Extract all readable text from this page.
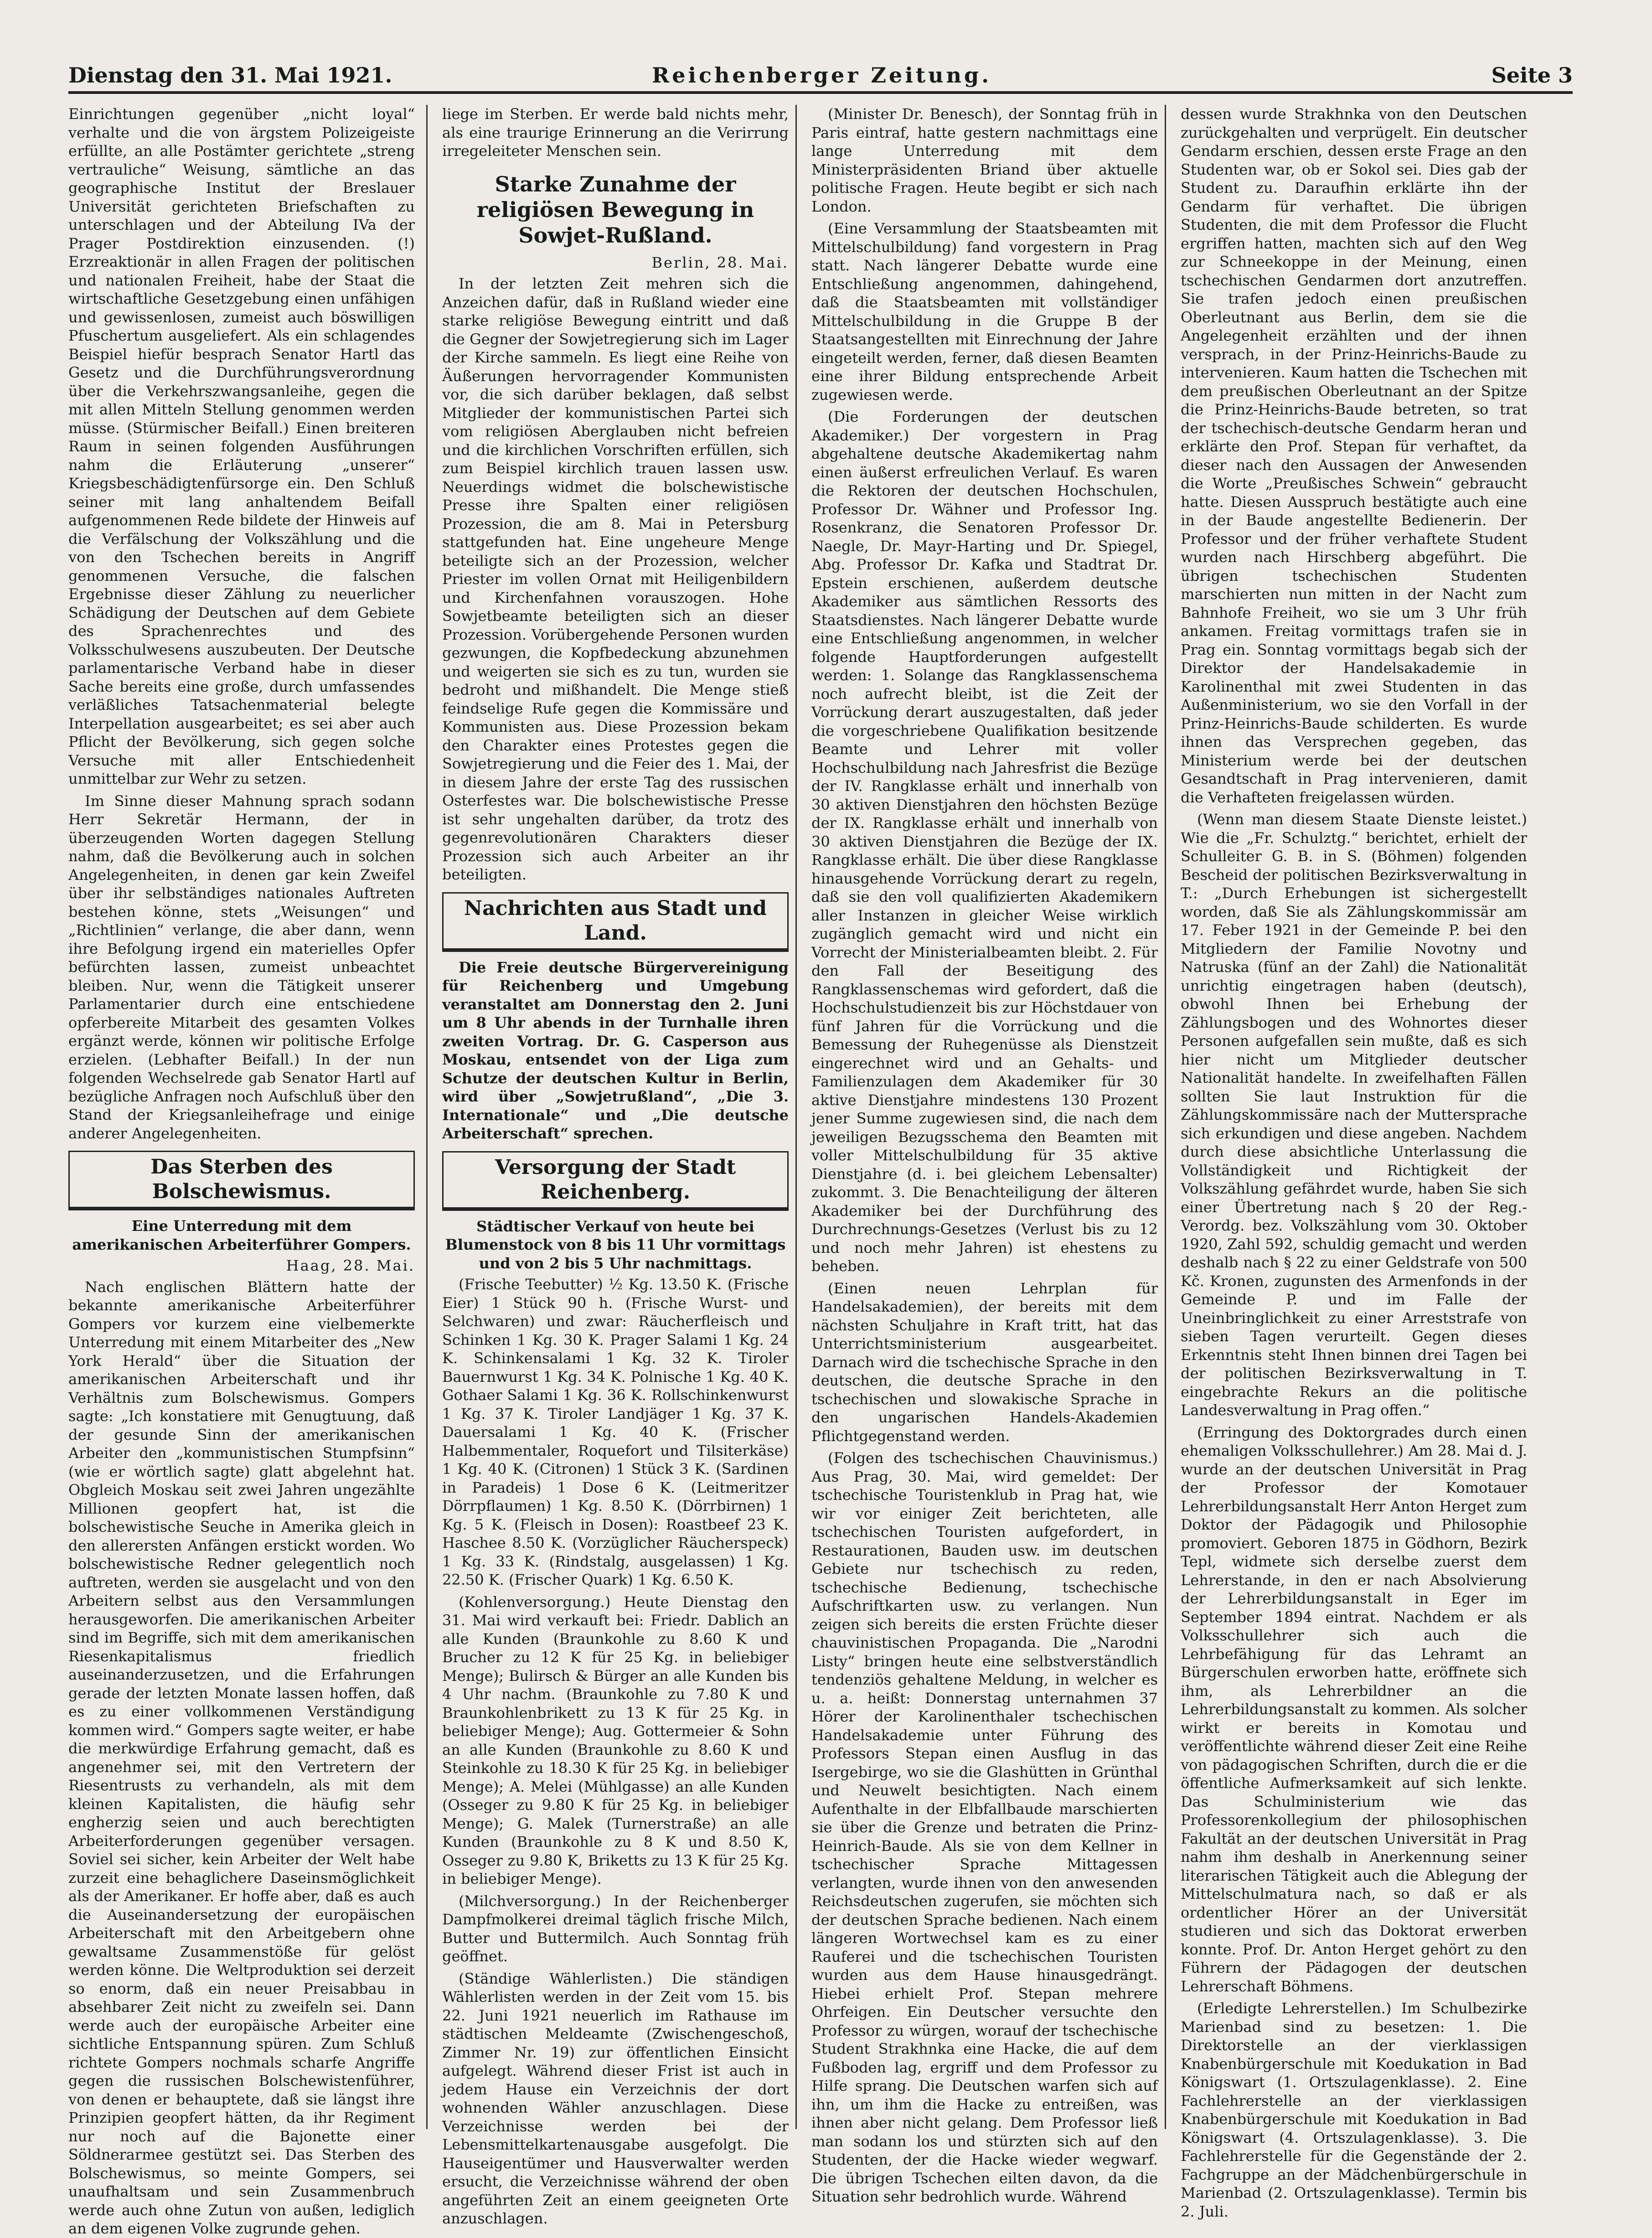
Dienstag den 31. Mai 1921.	Reichenberger Zeitung.	Seite 3

Einrichtungen gegenüber „nicht loyal“ verhalte und die von ärgstem Polizeigeiste erfüllte, an alle Postämter gerichtete „streng vertrauliche“ Weisung, sämtliche an das geographische Institut der Breslauer Universität gerichteten Briefschaften zu unterschlagen und der Abteilung IVa der Prager Postdirektion einzusenden. (!) Erzreaktionär in allen Fragen der politischen und nationalen Freiheit, habe der Staat die wirtschaftliche Gesetzgebung einen unfähigen und gewissenlosen, zumeist auch böswilligen Pfuschertum ausgeliefert. Als ein schlagendes Beispiel hiefür besprach Senator Hartl das Gesetz und die Durchführungsverordnung über die Verkehrszwangsanleihe, gegen die mit allen Mitteln Stellung genommen werden müsse. (Stürmischer Beifall.) Einen breiteren Raum in seinen folgenden Ausführungen nahm die Erläuterung „unserer“ Kriegsbeschädigtenfürsorge ein. Den Schluß seiner mit lang anhaltendem Beifall aufgenommenen Rede bildete der Hinweis auf die Verfälschung der Volkszählung und die von den Tschechen bereits in Angriff genommenen Versuche, die falschen Ergebnisse dieser Zählung zu neuerlicher Schädigung der Deutschen auf dem Gebiete des Sprachenrechtes und des Volksschulwesens auszubeuten. Der Deutsche parlamentarische Verband habe in dieser Sache bereits eine große, durch umfassendes verläßliches Tatsachenmaterial belegte Interpellation ausgearbeitet; es sei aber auch Pflicht der Bevölkerung, sich gegen solche Versuche mit aller Entschiedenheit unmittelbar zur Wehr zu setzen.

Im Sinne dieser Mahnung sprach sodann Herr Sekretär Hermann, der in überzeugenden Worten dagegen Stellung nahm, daß die Bevölkerung auch in solchen Angelegenheiten, in denen gar kein Zweifel über ihr selbständiges nationales Auftreten bestehen könne, stets „Weisungen“ und „Richtlinien“ verlange, die aber dann, wenn ihre Befolgung irgend ein materielles Opfer befürchten lassen, zumeist unbeachtet bleiben. Nur, wenn die Tätigkeit unserer Parlamentarier durch eine entschiedene opferbereite Mitarbeit des gesamten Volkes ergänzt werde, können wir politische Erfolge erzielen. (Lebhafter Beifall.) In der nun folgenden Wechselrede gab Senator Hartl auf bezügliche Anfragen noch Aufschluß über den Stand der Kriegsanleihefrage und einige anderer Angelegenheiten.

Das Sterben des Bolschewismus.
Eine Unterredung mit dem amerikanischen Arbeiterführer Gompers.
Haag, 28. Mai.

Nach englischen Blättern hatte der bekannte amerikanische Arbeiterführer Gompers vor kurzem eine vielbemerkte Unterredung mit einem Mitarbeiter des „New York Herald“ über die Situation der amerikanischen Arbeiterschaft und ihr Verhältnis zum Bolschewismus. Gompers sagte: „Ich konstatiere mit Genugtuung, daß der gesunde Sinn der amerikanischen Arbeiter den „kommunistischen Stumpfsinn“ (wie er wörtlich sagte) glatt abgelehnt hat. Obgleich Moskau seit zwei Jahren ungezählte Millionen geopfert hat, ist die bolschewistische Seuche in Amerika gleich in den allerersten Anfängen erstickt worden. Wo bolschewistische Redner gelegentlich noch auftreten, werden sie ausgelacht und von den Arbeitern selbst aus den Versammlungen herausgeworfen. Die amerikanischen Arbeiter sind im Begriffe, sich mit dem amerikanischen Riesenkapitalismus friedlich auseinanderzusetzen, und die Erfahrungen gerade der letzten Monate lassen hoffen, daß es zu einer vollkommenen Verständigung kommen wird.“ Gompers sagte weiter, er habe die merkwürdige Erfahrung gemacht, daß es angenehmer sei, mit den Vertretern der Riesentrusts zu verhandeln, als mit dem kleinen Kapitalisten, die häufig sehr engherzig seien und auch berechtigten Arbeiterforderungen gegenüber versagen. Soviel sei sicher, kein Arbeiter der Welt habe zurzeit eine behaglichere Daseinsmöglichkeit als der Amerikaner. Er hoffe aber, daß es auch die Auseinandersetzung der europäischen Arbeiterschaft mit den Arbeitgebern ohne gewaltsame Zusammenstöße für gelöst werden könne. Die Weltproduktion sei derzeit so enorm, daß ein neuer Preisabbau in absehbarer Zeit nicht zu zweifeln sei. Dann werde auch der europäische Arbeiter eine sichtliche Entspannung spüren. Zum Schluß richtete Gompers nochmals scharfe Angriffe gegen die russischen Bolschewistenführer, von denen er behauptete, daß sie längst ihre Prinzipien geopfert hätten, da ihr Regiment nur noch auf die Bajonette einer Söldnerarmee gestützt sei. Das Sterben des Bolschewismus, so meinte Gompers, sei unaufhaltsam und sein Zusammenbruch werde auch ohne Zutun von außen, lediglich an dem eigenen Volke zugrunde gehen.

liege im Sterben. Er werde bald nichts mehr, als eine traurige Erinnerung an die Verirrung irregeleiteter Menschen sein.

Starke Zunahme der religiösen Bewegung in Sowjet-Rußland.
Berlin, 28. Mai.

In der letzten Zeit mehren sich die Anzeichen dafür, daß in Rußland wieder eine starke religiöse Bewegung eintritt und daß die Gegner der Sowjetregierung sich im Lager der Kirche sammeln. Es liegt eine Reihe von Äußerungen hervorragender Kommunisten vor, die sich darüber beklagen, daß selbst Mitglieder der kommunistischen Partei sich vom religiösen Aberglauben nicht befreien und die kirchlichen Vorschriften erfüllen, sich zum Beispiel kirchlich trauen lassen usw. Neuerdings widmet die bolschewistische Presse ihre Spalten einer religiösen Prozession, die am 8. Mai in Petersburg stattgefunden hat. Eine ungeheure Menge beteiligte sich an der Prozession, welcher Priester im vollen Ornat mit Heiligenbildern und Kirchenfahnen vorauszogen. Hohe Sowjetbeamte beteiligten sich an dieser Prozession. Vorübergehende Personen wurden gezwungen, die Kopfbedeckung abzunehmen und weigerten sie sich es zu tun, wurden sie bedroht und mißhandelt. Die Menge stieß feindselige Rufe gegen die Kommissäre und Kommunisten aus. Diese Prozession bekam den Charakter eines Protestes gegen die Sowjetregierung und die Feier des 1. Mai, der in diesem Jahre der erste Tag des russischen Osterfestes war. Die bolschewistische Presse ist sehr ungehalten darüber, da trotz des gegenrevolutionären Charakters dieser Prozession sich auch Arbeiter an ihr beteiligten.

Nachrichten aus Stadt und Land.

Die Freie deutsche Bürgervereinigung für Reichenberg und Umgebung veranstaltet am Donnerstag den 2. Juni um 8 Uhr abends in der Turnhalle ihren zweiten Vortrag. Dr. G. Casperson aus Moskau, entsendet von der Liga zum Schutze der deutschen Kultur in Berlin, wird über „Sowjetrußland“, „Die 3. Internationale“ und „Die deutsche Arbeiterschaft“ sprechen.

Versorgung der Stadt Reichenberg.
Städtischer Verkauf von heute bei Blumenstock von 8 bis 11 Uhr vormittags und von 2 bis 5 Uhr nachmittags.

(Frische Teebutter) ½ Kg. 13.50 K. (Frische Eier) 1 Stück 90 h. (Frische Wurst- und Selchwaren) und zwar: Räucherfleisch und Schinken 1 Kg. 30 K. Prager Salami 1 Kg. 24 K. Schinkensalami 1 Kg. 32 K. Tiroler Bauernwurst 1 Kg. 34 K. Polnische 1 Kg. 40 K. Gothaer Salami 1 Kg. 36 K. Rollschinkenwurst 1 Kg. 37 K. Tiroler Landjäger 1 Kg. 37 K. Dauersalami 1 Kg. 40 K. (Frischer Halbemmentaler, Roquefort und Tilsiterkäse) 1 Kg. 40 K. (Citronen) 1 Stück 3 K. (Sardinen in Paradeis) 1 Dose 6 K. (Leitmeritzer Dörrpflaumen) 1 Kg. 8.50 K. (Dörrbirnen) 1 Kg. 5 K. (Fleisch in Dosen): Roastbeef 23 K. Haschee 8.50 K. (Vorzüglicher Räucherspeck) 1 Kg. 33 K. (Rindstalg, ausgelassen) 1 Kg. 22.50 K. (Frischer Quark) 1 Kg. 6.50 K.

(Kohlenversorgung.) Heute Dienstag den 31. Mai wird verkauft bei: Friedr. Dablich an alle Kunden (Braunkohle zu 8.60 K und Brucher zu 12 K für 25 Kg. in beliebiger Menge); Bulirsch & Bürger an alle Kunden bis 4 Uhr nachm. (Braunkohle zu 7.80 K und Braunkohlenbrikett zu 13 K für 25 Kg. in beliebiger Menge); Aug. Gottermeier & Sohn an alle Kunden (Braunkohle zu 8.60 K und Steinkohle zu 18.30 K für 25 Kg. in beliebiger Menge); A. Melei (Mühlgasse) an alle Kunden (Osseger zu 9.80 K für 25 Kg. in beliebiger Menge); G. Malek (Turnerstraße) an alle Kunden (Braunkohle zu 8 K und 8.50 K, Osseger zu 9.80 K, Briketts zu 13 K für 25 Kg. in beliebiger Menge).

(Milchversorgung.) In der Reichenberger Dampfmolkerei dreimal täglich frische Milch, Butter und Buttermilch. Auch Sonntag früh geöffnet.

(Ständige Wählerlisten.) Die ständigen Wählerlisten werden in der Zeit vom 15. bis 22. Juni 1921 neuerlich im Rathause im städtischen Meldeamte (Zwischengeschoß, Zimmer Nr. 19) zur öffentlichen Einsicht aufgelegt. Während dieser Frist ist auch in jedem Hause ein Verzeichnis der dort wohnenden Wähler anzuschlagen. Diese Verzeichnisse werden bei der Lebensmittelkartenausgabe ausgefolgt. Die Hauseigentümer und Hausverwalter werden ersucht, die Verzeichnisse während der oben angeführten Zeit an einem geeigneten Orte anzuschlagen.

(Minister Dr. Benesch), der Sonntag früh in Paris eintraf, hatte gestern nachmittags eine lange Unterredung mit dem Ministerpräsidenten Briand über aktuelle politische Fragen. Heute begibt er sich nach London.

(Eine Versammlung der Staatsbeamten mit Mittelschulbildung) fand vorgestern in Prag statt. Nach längerer Debatte wurde eine Entschließung angenommen, dahingehend, daß die Staatsbeamten mit vollständiger Mittelschulbildung in die Gruppe B der Staatsangestellten mit Einrechnung der Jahre eingeteilt werden, ferner, daß diesen Beamten eine ihrer Bildung entsprechende Arbeit zugewiesen werde.

(Die Forderungen der deutschen Akademiker.) Der vorgestern in Prag abgehaltene deutsche Akademikertag nahm einen äußerst erfreulichen Verlauf. Es waren die Rektoren der deutschen Hochschulen, Professor Dr. Wähner und Professor Ing. Rosenkranz, die Senatoren Professor Dr. Naegle, Dr. Mayr-Harting und Dr. Spiegel, Abg. Professor Dr. Kafka und Stadtrat Dr. Epstein erschienen, außerdem deutsche Akademiker aus sämtlichen Ressorts des Staatsdienstes. Nach längerer Debatte wurde eine Entschließung angenommen, in welcher folgende Hauptforderungen aufgestellt werden: 1. Solange das Rangklassenschema noch aufrecht bleibt, ist die Zeit der Vorrückung derart auszugestalten, daß jeder die vorgeschriebene Qualifikation besitzende Beamte und Lehrer mit voller Hochschulbildung nach Jahresfrist die Bezüge der IV. Rangklasse erhält und innerhalb von 30 aktiven Dienstjahren den höchsten Bezüge der IX. Rangklasse erhält und innerhalb von 30 aktiven Dienstjahren die Bezüge der IX. Rangklasse erhält. Die über diese Rangklasse hinausgehende Vorrückung derart zu regeln, daß sie den voll qualifizierten Akademikern aller Instanzen in gleicher Weise wirklich zugänglich gemacht wird und nicht ein Vorrecht der Ministerialbeamten bleibt. 2. Für den Fall der Beseitigung des Rangklassenschemas wird gefordert, daß die Hochschulstudienzeit bis zur Höchstdauer von fünf Jahren für die Vorrückung und die Bemessung der Ruhegenüsse als Dienstzeit eingerechnet wird und an Gehalts- und Familienzulagen dem Akademiker für 30 aktive Dienstjahre mindestens 130 Prozent jener Summe zugewiesen sind, die nach dem jeweiligen Bezugsschema den Beamten mit voller Mittelschulbildung für 35 aktive Dienstjahre (d. i. bei gleichem Lebensalter) zukommt. 3. Die Benachteiligung der älteren Akademiker bei der Durchführung des Durchrechnungs-Gesetzes (Verlust bis zu 12 und noch mehr Jahren) ist ehestens zu beheben.

(Einen neuen Lehrplan für Handelsakademien), der bereits mit dem nächsten Schuljahre in Kraft tritt, hat das Unterrichtsministerium ausgearbeitet. Darnach wird die tschechische Sprache in den deutschen, die deutsche Sprache in den tschechischen und slowakische Sprache in den ungarischen Handels-Akademien Pflichtgegenstand werden.

(Folgen des tschechischen Chauvinismus.) Aus Prag, 30. Mai, wird gemeldet: Der tschechische Touristenklub in Prag hat, wie wir vor einiger Zeit berichteten, alle tschechischen Touristen aufgefordert, in Restaurationen, Bauden usw. im deutschen Gebiete nur tschechisch zu reden, tschechische Bedienung, tschechische Aufschriftkarten usw. zu verlangen. Nun zeigen sich bereits die ersten Früchte dieser chauvinistischen Propaganda. Die „Narodni Listy“ bringen heute eine selbstverständlich tendenziös gehaltene Meldung, in welcher es u. a. heißt: Donnerstag unternahmen 37 Hörer der Karolinenthaler tschechischen Handelsakademie unter Führung des Professors Stepan einen Ausflug in das Isergebirge, wo sie die Glashütten in Grünthal und Neuwelt besichtigten. Nach einem Aufenthalte in der Elbfallbaude marschierten sie über die Grenze und betraten die Prinz-Heinrich-Baude. Als sie von dem Kellner in tschechischer Sprache Mittagessen verlangten, wurde ihnen von den anwesenden Reichsdeutschen zugerufen, sie möchten sich der deutschen Sprache bedienen. Nach einem längeren Wortwechsel kam es zu einer Rauferei und die tschechischen Touristen wurden aus dem Hause hinausgedrängt. Hiebei erhielt Prof. Stepan mehrere Ohrfeigen. Ein Deutscher versuchte den Professor zu würgen, worauf der tschechische Student Strakhnka eine Hacke, die auf dem Fußboden lag, ergriff und dem Professor zu Hilfe sprang. Die Deutschen warfen sich auf ihn, um ihm die Hacke zu entreißen, was ihnen aber nicht gelang. Dem Professor ließ man sodann los und stürzten sich auf den Studenten, der die Hacke wieder wegwarf. Die übrigen Tschechen eilten davon, da die Situation sehr bedrohlich wurde. Während

dessen wurde Strakhnka von den Deutschen zurückgehalten und verprügelt. Ein deutscher Gendarm erschien, dessen erste Frage an den Studenten war, ob er Sokol sei. Dies gab der Student zu. Daraufhin erklärte ihn der Gendarm für verhaftet. Die übrigen Studenten, die mit dem Professor die Flucht ergriffen hatten, machten sich auf den Weg zur Schneekoppe in der Meinung, einen tschechischen Gendarmen dort anzutreffen. Sie trafen jedoch einen preußischen Oberleutnant aus Berlin, dem sie die Angelegenheit erzählten und der ihnen versprach, in der Prinz-Heinrichs-Baude zu intervenieren. Kaum hatten die Tschechen mit dem preußischen Oberleutnant an der Spitze die Prinz-Heinrichs-Baude betreten, so trat der tschechisch-deutsche Gendarm heran und erklärte den Prof. Stepan für verhaftet, da dieser nach den Aussagen der Anwesenden die Worte „Preußisches Schwein“ gebraucht hatte. Diesen Ausspruch bestätigte auch eine in der Baude angestellte Bedienerin. Der Professor und der früher verhaftete Student wurden nach Hirschberg abgeführt. Die übrigen tschechischen Studenten marschierten nun mitten in der Nacht zum Bahnhofe Freiheit, wo sie um 3 Uhr früh ankamen. Freitag vormittags trafen sie in Prag ein. Sonntag vormittags begab sich der Direktor der Handelsakademie in Karolinenthal mit zwei Studenten in das Außenministerium, wo sie den Vorfall in der Prinz-Heinrichs-Baude schilderten. Es wurde ihnen das Versprechen gegeben, das Ministerium werde bei der deutschen Gesandtschaft in Prag intervenieren, damit die Verhafteten freigelassen würden.

(Wenn man diesem Staate Dienste leistet.) Wie die „Fr. Schulztg.“ berichtet, erhielt der Schulleiter G. B. in S. (Böhmen) folgenden Bescheid der politischen Bezirksverwaltung in T.: „Durch Erhebungen ist sichergestellt worden, daß Sie als Zählungskommissär am 17. Feber 1921 in der Gemeinde P. bei den Mitgliedern der Familie Novotny und Natruska (fünf an der Zahl) die Nationalität unrichtig eingetragen haben (deutsch), obwohl Ihnen bei Erhebung der Zählungsbogen und des Wohnortes dieser Personen aufgefallen sein mußte, daß es sich hier nicht um Mitglieder deutscher Nationalität handelte. In zweifelhaften Fällen sollten Sie laut Instruktion für die Zählungskommissäre nach der Muttersprache sich erkundigen und diese angeben. Nachdem durch diese absichtliche Unterlassung die Vollständigkeit und Richtigkeit der Volkszählung gefährdet wurde, haben Sie sich einer Übertretung nach § 20 der Reg.-Verordg. bez. Volkszählung vom 30. Oktober 1920, Zahl 592, schuldig gemacht und werden deshalb nach § 22 zu einer Geldstrafe von 500 Kč. Kronen, zugunsten des Armenfonds in der Gemeinde P. und im Falle der Uneinbringlichkeit zu einer Arreststrafe von sieben Tagen verurteilt. Gegen dieses Erkenntnis steht Ihnen binnen drei Tagen bei der politischen Bezirksverwaltung in T. eingebrachte Rekurs an die politische Landesverwaltung in Prag offen.“

(Erringung des Doktorgrades durch einen ehemaligen Volksschullehrer.) Am 28. Mai d. J. wurde an der deutschen Universität in Prag der Professor der Komotauer Lehrerbildungsanstalt Herr Anton Herget zum Doktor der Pädagogik und Philosophie promoviert. Geboren 1875 in Gödhorn, Bezirk Tepl, widmete sich derselbe zuerst dem Lehrerstande, in den er nach Absolvierung der Lehrerbildungsanstalt in Eger im September 1894 eintrat. Nachdem er als Volksschullehrer sich auch die Lehrbefähigung für das Lehramt an Bürgerschulen erworben hatte, eröffnete sich ihm, als Lehrerbildner an die Lehrerbildungsanstalt zu kommen. Als solcher wirkt er bereits in Komotau und veröffentlichte während dieser Zeit eine Reihe von pädagogischen Schriften, durch die er die öffentliche Aufmerksamkeit auf sich lenkte. Das Schulministerium wie das Professorenkollegium der philosophischen Fakultät an der deutschen Universität in Prag nahm ihm deshalb in Anerkennung seiner literarischen Tätigkeit auch die Ablegung der Mittelschulmatura nach, so daß er als ordentlicher Hörer an der Universität studieren und sich das Doktorat erwerben konnte. Prof. Dr. Anton Herget gehört zu den Führern der Pädagogen der deutschen Lehrerschaft Böhmens.

(Erledigte Lehrerstellen.) Im Schulbezirke Marienbad sind zu besetzen: 1. Die Direktorstelle an der vierklassigen Knabenbürgerschule mit Koedukation in Bad Königswart (1. Ortszulagenklasse). 2. Eine Fachlehrerstelle an der vierklassigen Knabenbürgerschule mit Koedukation in Bad Königswart (4. Ortszulagenklasse). 3. Die Fachlehrerstelle für die Gegenstände der 2. Fachgruppe an der Mädchenbürgerschule in Marienbad (2. Ortszulagenklasse). Termin bis 2. Juli.
